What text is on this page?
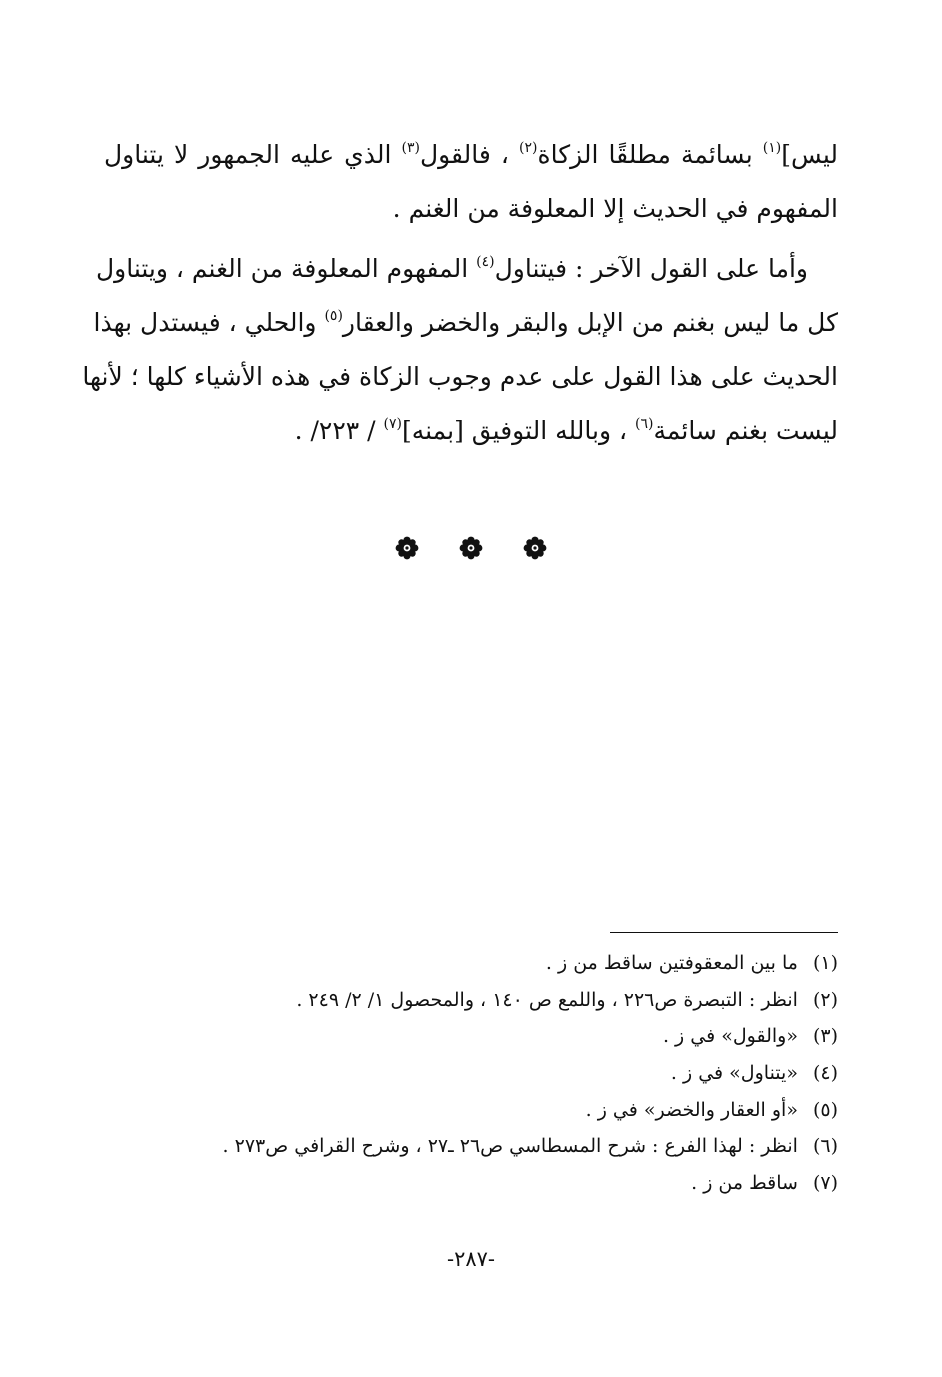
ليس]$^{(١)}$ بسائمة مطلقًا الزكاة$^{(٢)}$ ، فالقول$^{(٣)}$ الذي عليه الجمهور لا يتناول
المفهوم في الحديث إلا المعلوفة من الغنم .
وأما على القول الآخر : فيتناول$^{(٤)}$ المفهوم المعلوفة من الغنم ، ويتناول
كل ما ليس بغنم من الإبل والبقر والخضر والعقار$^{(٥)}$ والحلي ، فيستدل بهذا
الحديث على هذا القول على عدم وجوب الزكاة في هذه الأشياء كلها ؛ لأنها
ليست بغنم سائمة$^{(٦)}$ ، وبالله التوفيق [بمنه]$^{(٧)}$ / ٢٢٣/ .
(١) ما بين المعقوفتين ساقط من ز .
(٢) انظر : التبصرة ص٢٢٦ ، واللمع ص ١٤٠ ، والمحصول ١/ ٢/ ٢٤٩ .
(٣) «والقول» في ز .
(٤) «يتناول» في ز .
(٥) «أو العقار والخضر» في ز .
(٦) انظر : لهذا الفرع : شرح المسطاسي ص٢٦ ـ٢٧ ، وشرح القرافي ص٢٧٣ .
(٧) ساقط من ز .
-٢٨٧-
